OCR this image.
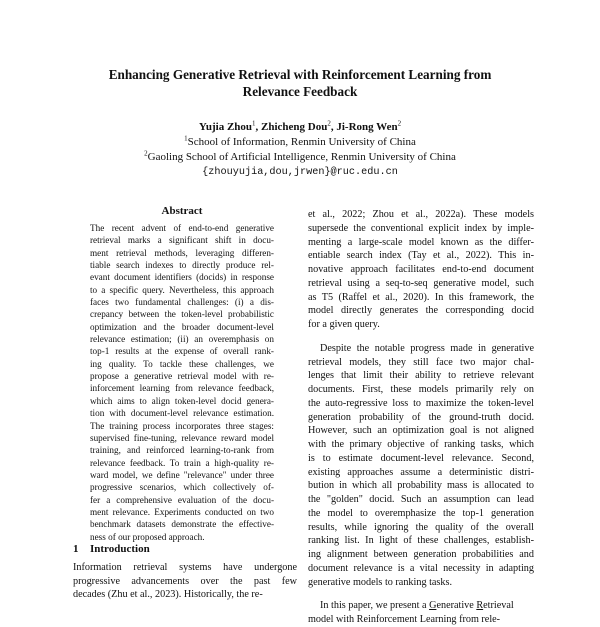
Enhancing Generative Retrieval with Reinforcement Learning from
Relevance Feedback
Yujia Zhou$^1$, Zhicheng Dou$^2$, Ji-Rong Wen$^2$
$^1$School of Information, Renmin University of China
$^2$Gaoling School of Artificial Intelligence, Renmin University of China
{zhouyujia,dou,jrwen}@ruc.edu.cn
Abstract
The recent advent of end-to-end generative
retrieval marks a significant shift in docu-
ment retrieval methods, leveraging differen-
tiable search indexes to directly produce rel-
evant document identifiers (docids) in response
to a specific query. Nevertheless, this approach
faces two fundamental challenges: (i) a dis-
crepancy between the token-level probabilistic
optimization and the broader document-level
relevance estimation; (ii) an overemphasis on
top-1 results at the expense of overall rank-
ing quality. To tackle these challenges, we
propose a generative retrieval model with re-
inforcement learning from relevance feedback,
which aims to align token-level docid genera-
tion with document-level relevance estimation.
The training process incorporates three stages:
supervised fine-tuning, relevance reward model
training, and reinforced learning-to-rank from
relevance feedback. To train a high-quality re-
ward model, we define "relevance" under three
progressive scenarios, which collectively of-
fer a comprehensive evaluation of the docu-
ment relevance. Experiments conducted on two
benchmark datasets demonstrate the effective-
ness of our proposed approach.
1 Introduction
Information retrieval systems have undergone
progressive advancements over the past few
decades (Zhu et al., 2023). Historically, the re-
et al., 2022; Zhou et al., 2022a). These models
supersede the conventional explicit index by imple-
menting a large-scale model known as the differ-
entiable search index (Tay et al., 2022). This in-
novative approach facilitates end-to-end document
retrieval using a seq-to-seq generative model, such
as T5 (Raffel et al., 2020). In this framework, the
model directly generates the corresponding docid
for a given query.
Despite the notable progress made in generative
retrieval models, they still face two major chal-
lenges that limit their ability to retrieve relevant
documents. First, these models primarily rely on
the auto-regressive loss to maximize the token-level
generation probability of the ground-truth docid.
However, such an optimization goal is not aligned
with the primary objective of ranking tasks, which
is to estimate document-level relevance. Second,
existing approaches assume a deterministic distri-
bution in which all probability mass is allocated to
the "golden" docid. Such an assumption can lead
the model to overemphasize the top-1 generation
results, while ignoring the quality of the overall
ranking list. In light of these challenges, establish-
ing alignment between generation probabilities and
document relevance is a vital necessity in adapting
generative models to ranking tasks.
In this paper, we present a Generative Retrieval
model with Reinforcement Learning from rele-
